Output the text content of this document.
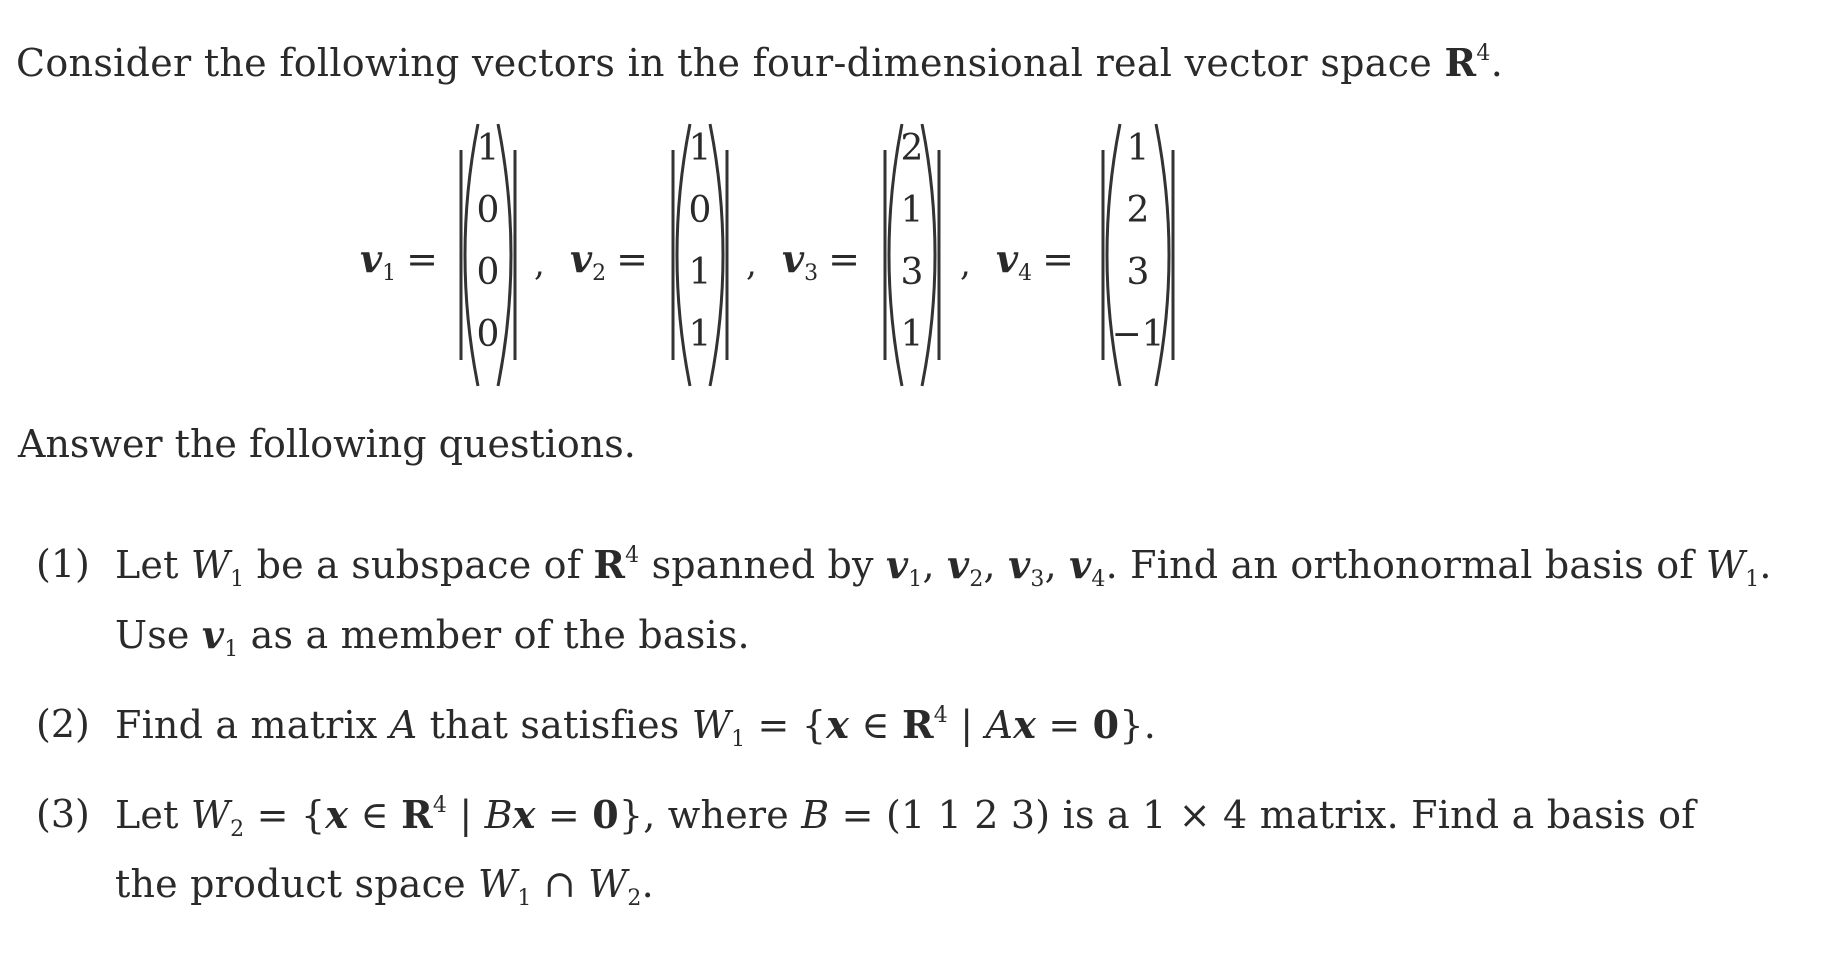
Consider the following vectors in the four-dimensional real vector space $R^4$.
$v_1$ =
1
0
0
0
, $v_2$ =
1
0
1
1
, $v_3$ =
2
1
3
1
, $v_4$ =
1
2
3
−1
Answer the following questions.
(1) Let $W_1$ be a subspace of $R^4$ spanned by $v_1$, $v_2$, $v_3$, $v_4$. Find an orthonormal basis of $W_1$.
Use $v_1$ as a member of the basis.
(2) Find a matrix A that satisfies $W_1 = \{x$ ∈ $R^4$ | Ax = 0}.
(3) Let $W_2 = \{x$ ∈ $R^4$ | Bx = 0}, where B = (1 1 2 3) is a 1 × 4 matrix. Find a basis of
the product space $W_1$ ∩ $W_2$.
